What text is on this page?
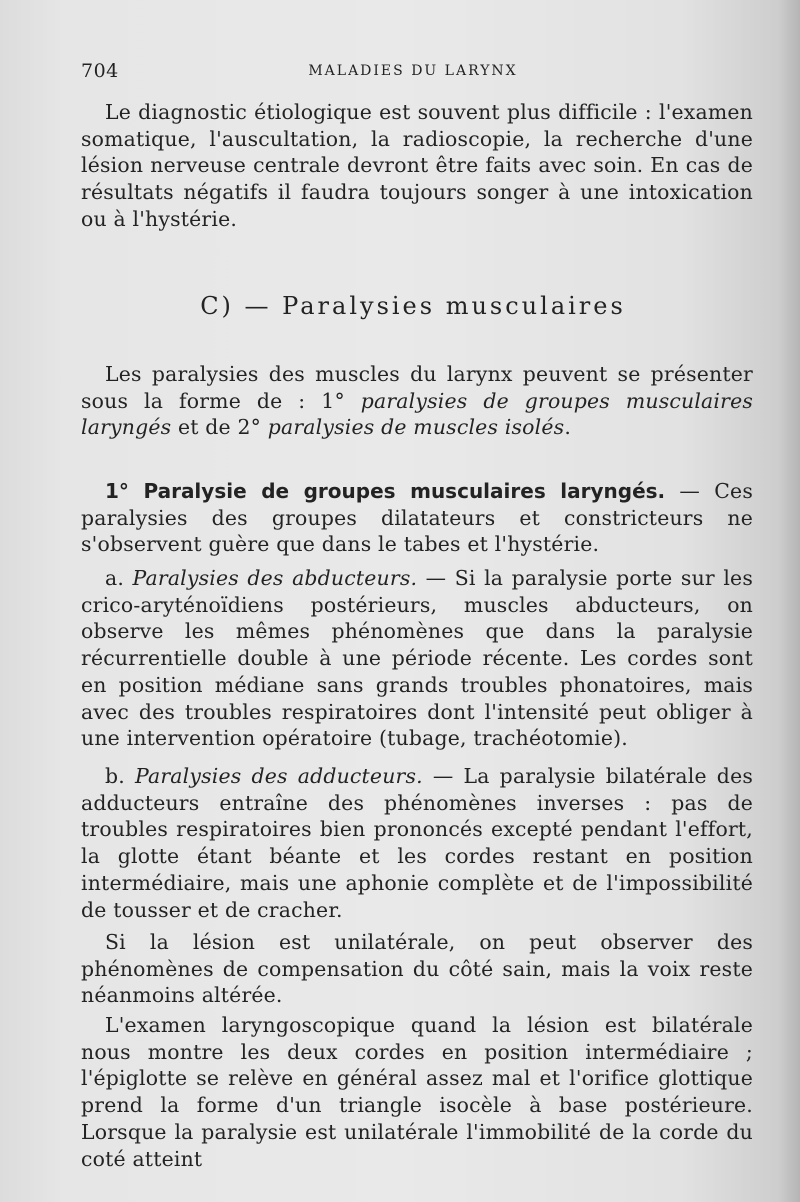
704	MALADIES DU LARYNX

Le diagnostic étiologique est souvent plus difficile : l'examen somatique, l'auscultation, la radioscopie, la recherche d'une lésion nerveuse centrale devront être faits avec soin. En cas de résultats négatifs il faudra toujours songer à une intoxication ou à l'hystérie.

C) — Paralysies musculaires

Les paralysies des muscles du larynx peuvent se présenter sous la forme de : 1° paralysies de groupes musculaires laryngés et de 2° paralysies de muscles isolés.

1° Paralysie de groupes musculaires laryngés. — Ces paralysies des groupes dilatateurs et constricteurs ne s'observent guère que dans le tabes et l'hystérie.

a. Paralysies des abducteurs. — Si la paralysie porte sur les crico-aryténoïdiens postérieurs, muscles abducteurs, on observe les mêmes phénomènes que dans la paralysie récurrentielle double à une période récente. Les cordes sont en position médiane sans grands troubles phonatoires, mais avec des troubles respiratoires dont l'intensité peut obliger à une intervention opératoire (tubage, trachéotomie).

b. Paralysies des adducteurs. — La paralysie bilatérale des adducteurs entraîne des phénomènes inverses : pas de troubles respiratoires bien prononcés excepté pendant l'effort, la glotte étant béante et les cordes restant en position intermédiaire, mais une aphonie complète et de l'impossibilité de tousser et de cracher.

Si la lésion est unilatérale, on peut observer des phénomènes de compensation du côté sain, mais la voix reste néanmoins altérée.

L'examen laryngoscopique quand la lésion est bilatérale nous montre les deux cordes en position intermédiaire ; l'épiglotte se relève en général assez mal et l'orifice glottique prend la forme d'un triangle isocèle à base postérieure. Lorsque la paralysie est unilatérale l'immobilité de la corde du coté atteint
